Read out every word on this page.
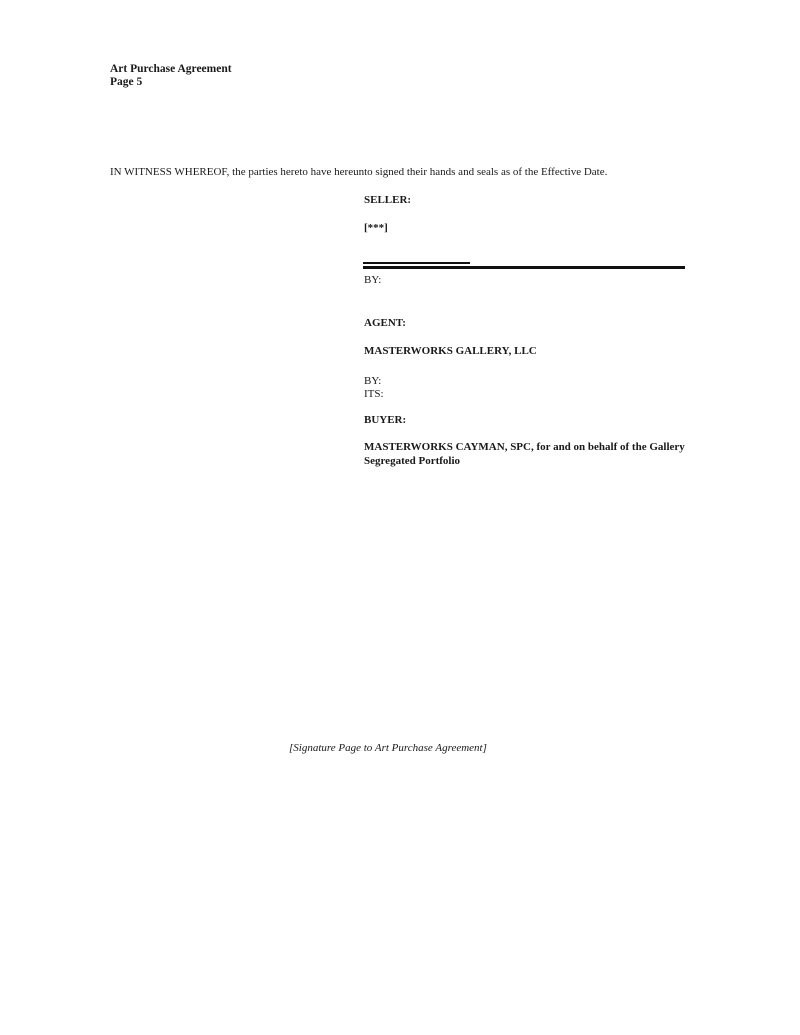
Art Purchase Agreement
Page 5
IN WITNESS WHEREOF, the parties hereto have hereunto signed their hands and seals as of the Effective Date.
SELLER:
[***]
BY:
AGENT:
MASTERWORKS GALLERY, LLC
BY:
ITS:
BUYER:
MASTERWORKS CAYMAN, SPC, for and on behalf of the Gallery
Segregated Portfolio
[Signature Page to Art Purchase Agreement]
